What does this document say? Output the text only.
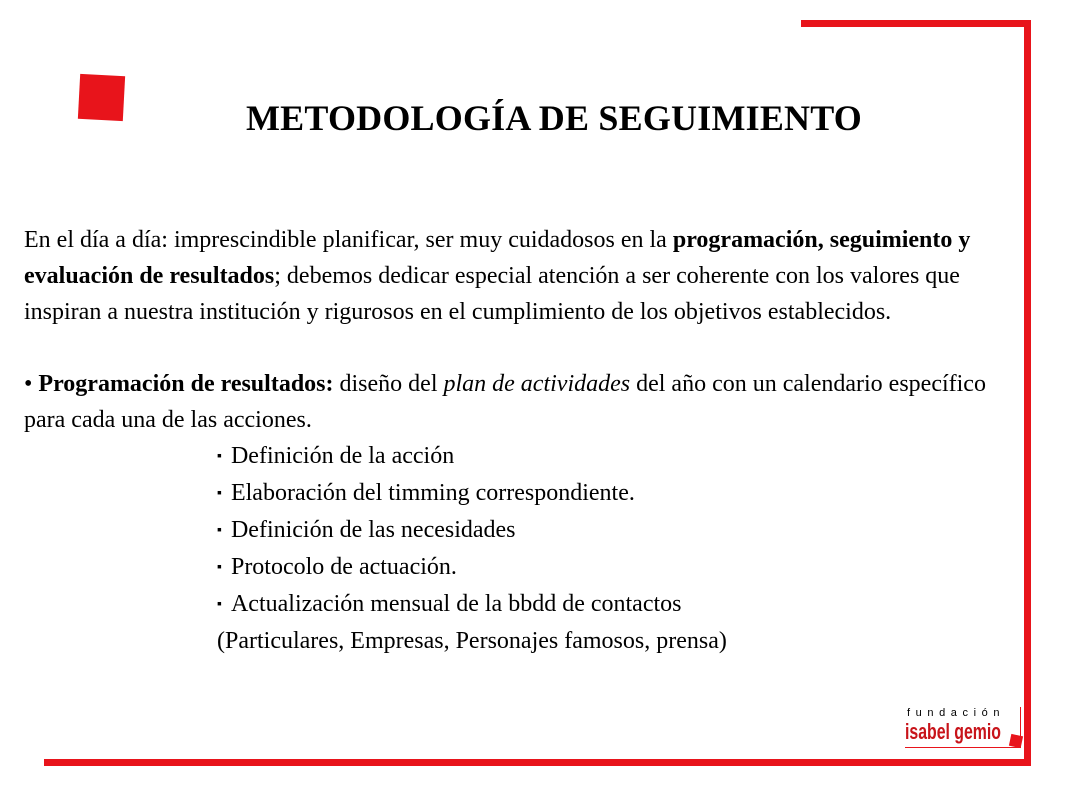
METODOLOGÍA DE SEGUIMIENTO

En el día a día: imprescindible planificar, ser muy cuidadosos en la programación, seguimiento y evaluación de resultados; debemos dedicar especial atención a ser coherente con los valores que inspiran a nuestra institución y rigurosos en el cumplimiento de los objetivos establecidos.

• Programación de resultados: diseño del plan de actividades del año con un calendario específico para cada una de las acciones.

▪ Definición de la acción
▪ Elaboración del timming correspondiente.
▪ Definición de las necesidades
▪ Protocolo de actuación.
▪ Actualización mensual de la bbdd de contactos
(Particulares, Empresas, Personajes famosos, prensa)
fundación
isabel gemio
